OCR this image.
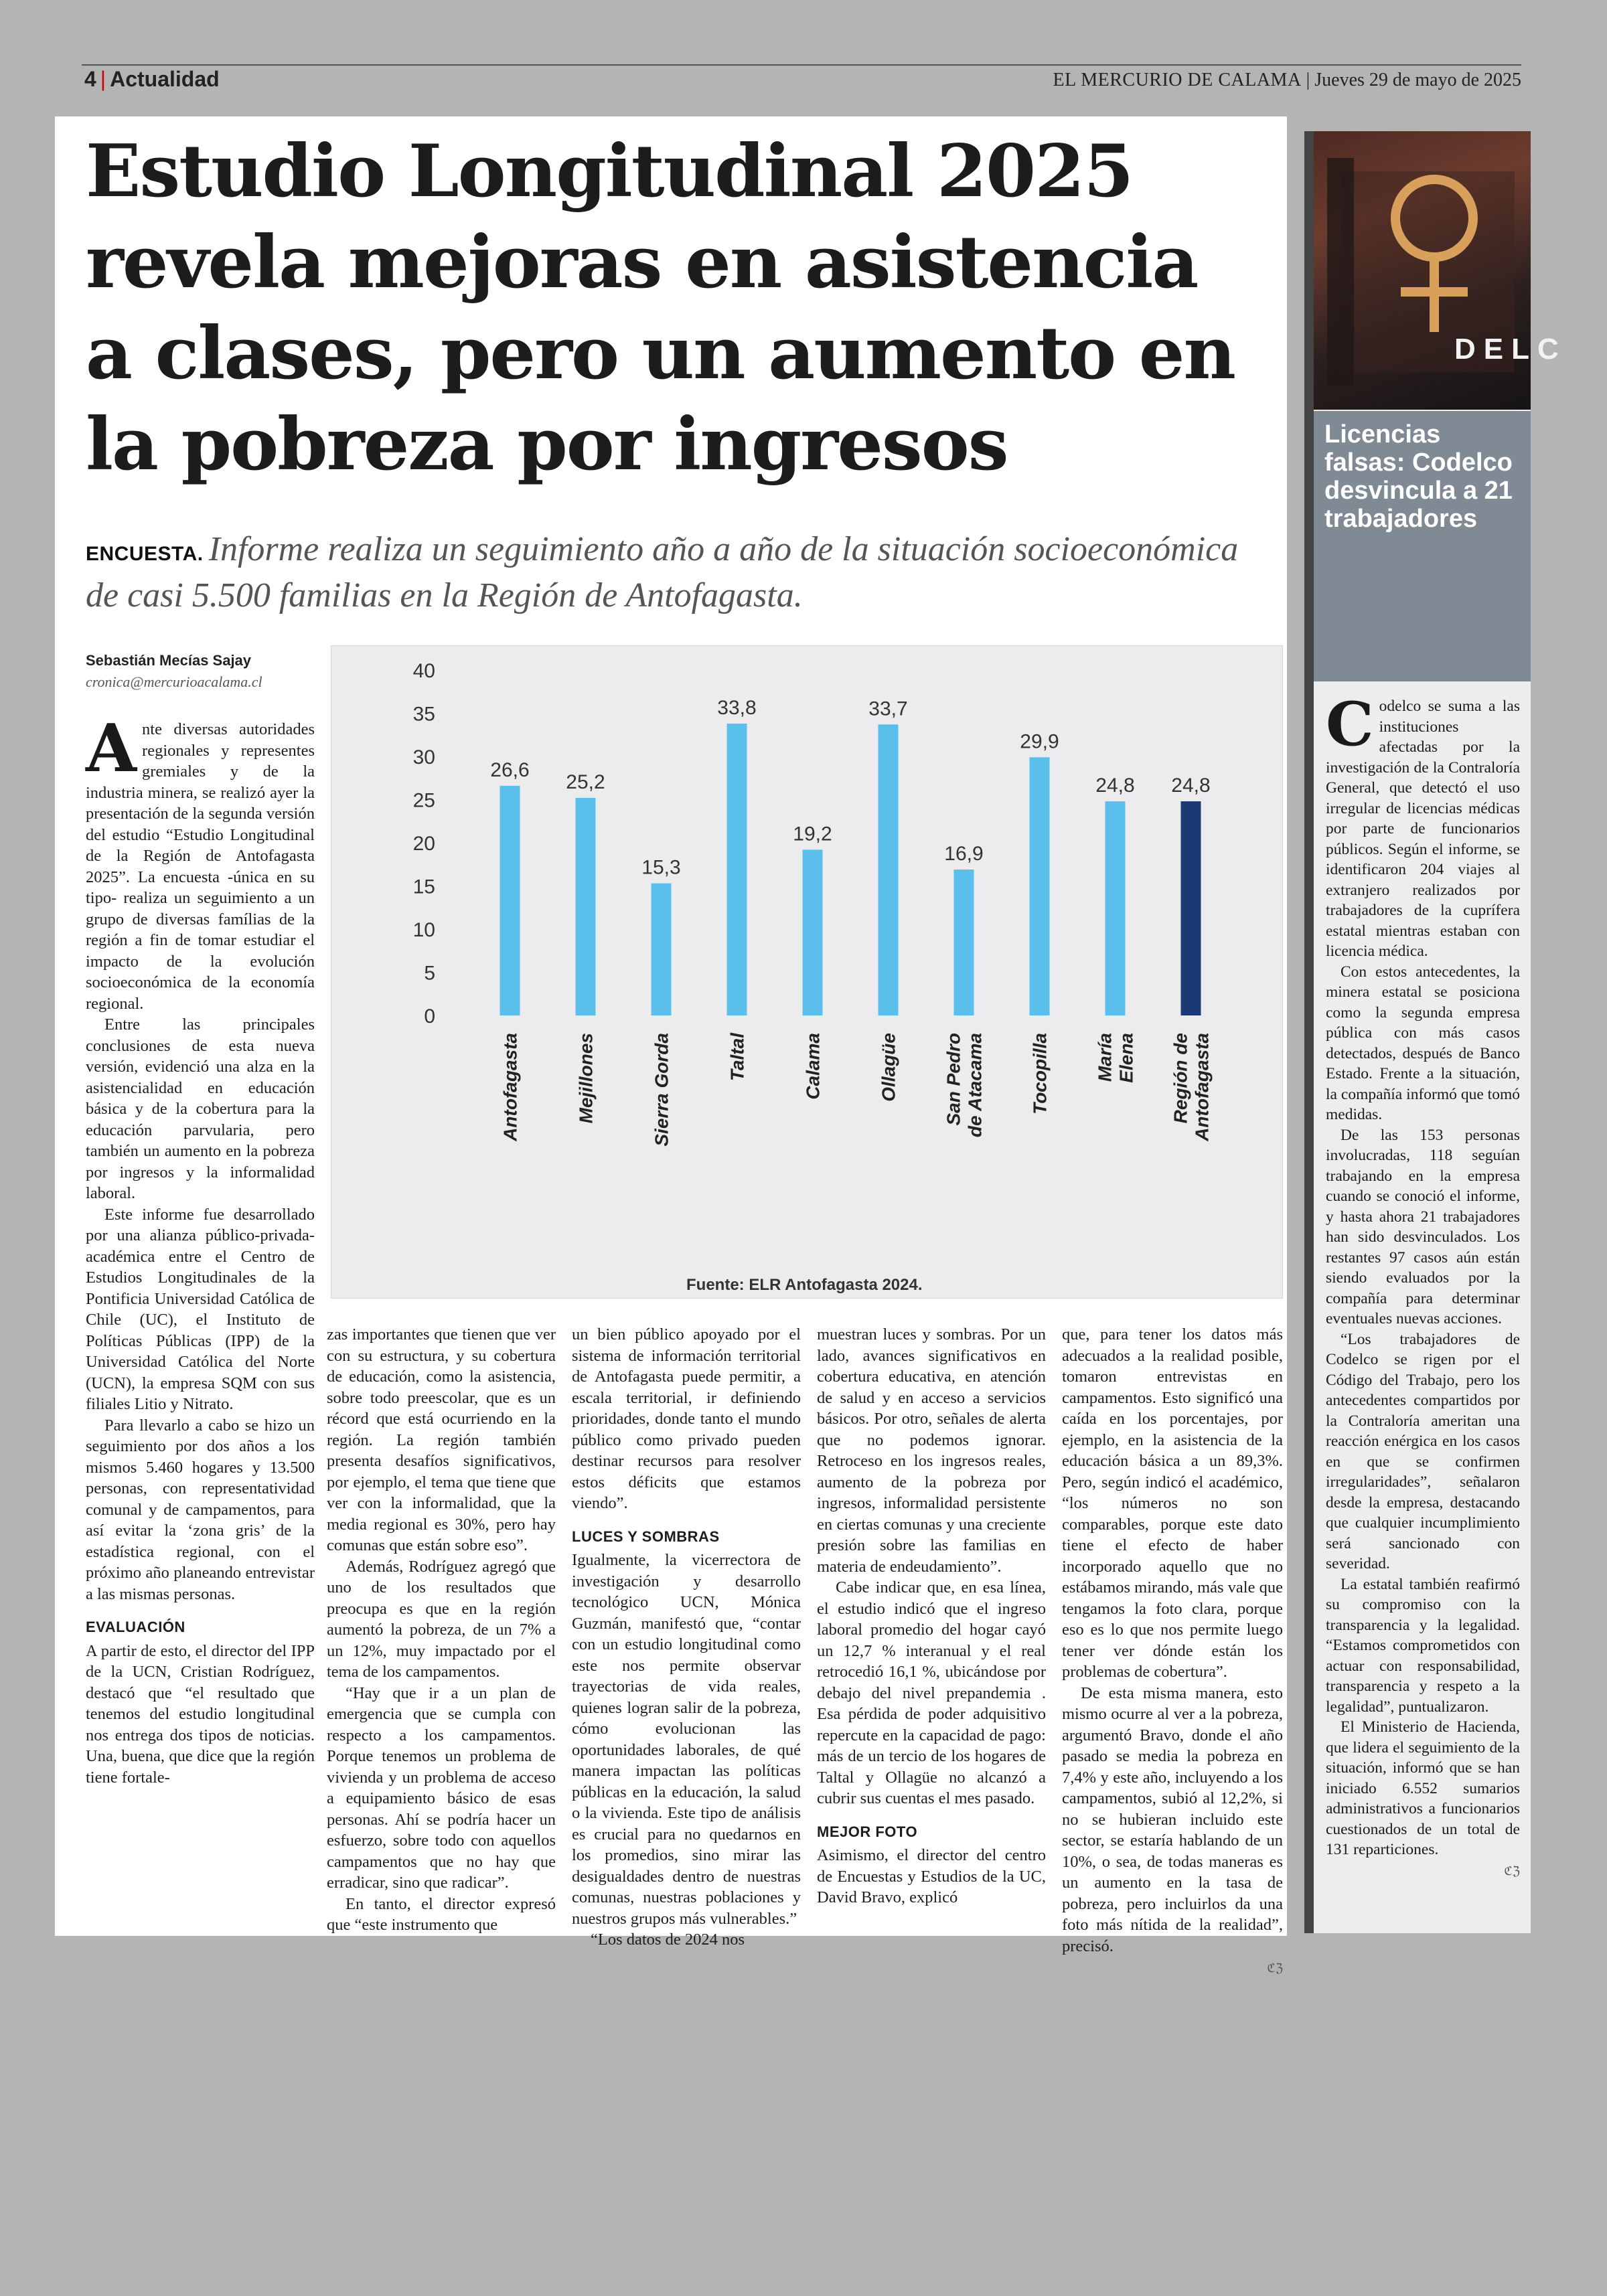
4 | Actualidad	EL MERCURIO DE CALAMA | Jueves 29 de mayo de 2025
Estudio Longitudinal 2025 revela mejoras en asistencia a clases, pero un aumento en la pobreza por ingresos
ENCUESTA. Informe realiza un seguimiento año a año de la situación socioeconómica de casi 5.500 familias en la Región de Antofagasta.
Sebastián Mecías Sajay
cronica@mercurioacalama.cl
0
5
10
15
20
25
30
35
40
26,6
Antofagasta
25,2
Mejillones
15,3
Sierra Gorda
33,8
Taltal
19,2
Calama
33,7
Ollagüe
16,9
San Pedro de Atacama
29,9
Tocopilla
24,8
María Elena
24,8
Región de Antofagasta
Fuente: ELR Antofagasta 2024.

Ante diversas autoridades regionales y representes gremiales y de la industria minera, se realizó ayer la presentación de la segunda versión del estudio “Estudio Longitudinal de la Región de Antofagasta 2025”. La encuesta -única en su tipo- realiza un seguimiento a un grupo de diversas famílias de la región a fin de tomar estudiar el impacto de la evolución socioeconómica de la economía regional.

Entre las principales conclusiones de esta nueva versión, evidenció una alza en la asistencialidad en educación básica y de la cobertura para la educación parvularia, pero también un aumento en la pobreza por ingresos y la informalidad laboral.

Este informe fue desarrollado por una alianza público-privada-académica entre el Centro de Estudios Longitudinales de la Pontificia Universidad Católica de Chile (UC), el Instituto de Políticas Públicas (IPP) de la Universidad Católica del Norte (UCN), la empresa SQM con sus filiales Litio y Nitrato.

Para llevarlo a cabo se hizo un seguimiento por dos años a los mismos 5.460 hogares y 13.500 personas, con representatividad comunal y de campamentos, para así evitar la ‘zona gris’ de la estadística regional, con el próximo año planeando entrevistar a las mismas personas.

EVALUACIÓN

A partir de esto, el director del IPP de la UCN, Cristian Rodríguez, destacó que “el resultado que tenemos del estudio longitudinal nos entrega dos tipos de noticias. Una, buena, que dice que la región tiene fortale-

zas importantes que tienen que ver con su estructura, y su cobertura de educación, como la asistencia, sobre todo preescolar, que es un récord que está ocurriendo en la región. La región también presenta desafíos significativos, por ejemplo, el tema que tiene que ver con la informalidad, que la media regional es 30%, pero hay comunas que están sobre eso”.

Además, Rodríguez agregó que uno de los resultados que preocupa es que en la región aumentó la pobreza, de un 7% a un 12%, muy impactado por el tema de los campamentos.

“Hay que ir a un plan de emergencia que se cumpla con respecto a los campamentos. Porque tenemos un problema de vivienda y un problema de acceso a equipamiento básico de esas personas. Ahí se podría hacer un esfuerzo, sobre todo con aquellos campamentos que no hay que erradicar, sino que radicar”.

En tanto, el director expresó que “este instrumento que

un bien público apoyado por el sistema de información territorial de Antofagasta puede permitir, a escala territorial, ir definiendo prioridades, donde tanto el mundo público como privado pueden destinar recursos para resolver estos déficits que estamos viendo”.

LUCES Y SOMBRAS

Igualmente, la vicerrectora de investigación y desarrollo tecnológico UCN, Mónica Guzmán, manifestó que, “contar con un estudio longitudinal como este nos permite observar trayectorias de vida reales, quienes logran salir de la pobreza, cómo evolucionan las oportunidades laborales, de qué manera impactan las políticas públicas en la educación, la salud o la vivienda. Este tipo de análisis es crucial para no quedarnos en los promedios, sino mirar las desigualdades dentro de nuestras comunas, nuestras poblaciones y nuestros grupos más vulnerables.”

“Los datos de 2024 nos

muestran luces y sombras. Por un lado, avances significativos en cobertura educativa, en atención de salud y en acceso a servicios básicos. Por otro, señales de alerta que no podemos ignorar. Retroceso en los ingresos reales, aumento de la pobreza por ingresos, informalidad persistente en ciertas comunas y una creciente presión sobre las familias en materia de endeudamiento”.

Cabe indicar que, en esa línea, el estudio indicó que el ingreso laboral promedio del hogar cayó un 12,7 % interanual y el real retrocedió 16,1 %, ubicándose por debajo del nivel prepandemia . Esa pérdida de poder adquisitivo repercute en la capacidad de pago: más de un tercio de los hogares de Taltal y Ollagüe no alcanzó a cubrir sus cuentas el mes pasado.

MEJOR FOTO

Asimismo, el director del centro de Encuestas y Estudios de la UC, David Bravo, explicó

que, para tener los datos más adecuados a la realidad posible, tomaron entrevistas en campamentos. Esto significó una caída en los porcentajes, por ejemplo, en la asistencia de la educación básica a un 89,3%. Pero, según indicó el académico, “los números no son comparables, porque este dato tiene el efecto de haber incorporado aquello que no estábamos mirando, más vale que tengamos la foto clara, porque eso es lo que nos permite luego tener ver dónde están los problemas de cobertura”.

De esta misma manera, esto mismo ocurre al ver a la pobreza, argumentó Bravo, donde el año pasado se media la pobreza en 7,4% y este año, incluyendo a los campamentos, subió al 12,2%, si no se hubieran incluido este sector, se estaría hablando de un 10%, o sea, de todas maneras es un aumento en la tasa de pobreza, pero incluirlos da una foto más nítida de la realidad”, precisó.

ℭℨ
DELC
Licencias falsas: Codelco desvincula a 21 trabajadores

Codelco se suma a las instituciones afectadas por la investigación de la Contraloría General, que detectó el uso irregular de licencias médicas por parte de funcionarios públicos. Según el informe, se identificaron 204 viajes al extranjero realizados por trabajadores de la cuprífera estatal mientras estaban con licencia médica.

Con estos antecedentes, la minera estatal se posiciona como la segunda empresa pública con más casos detectados, después de Banco Estado. Frente a la situación, la compañía informó que tomó medidas.

De las 153 personas involucradas, 118 seguían trabajando en la empresa cuando se conoció el informe, y hasta ahora 21 trabajadores han sido desvinculados. Los restantes 97 casos aún están siendo evaluados por la compañía para determinar eventuales nuevas acciones.

“Los trabajadores de Codelco se rigen por el Código del Trabajo, pero los antecedentes compartidos por la Contraloría ameritan una reacción enérgica en los casos en que se confirmen irregularidades”, señalaron desde la empresa, destacando que cualquier incumplimiento será sancionado con severidad.

La estatal también reafirmó su compromiso con la transparencia y la legalidad. “Estamos comprometidos con actuar con responsabilidad, transparencia y respeto a la legalidad”, puntualizaron.

El Ministerio de Hacienda, que lidera el seguimiento de la situación, informó que se han iniciado 6.552 sumarios administrativos a funcionarios cuestionados de un total de 131 reparticiones.

ℭℨ
